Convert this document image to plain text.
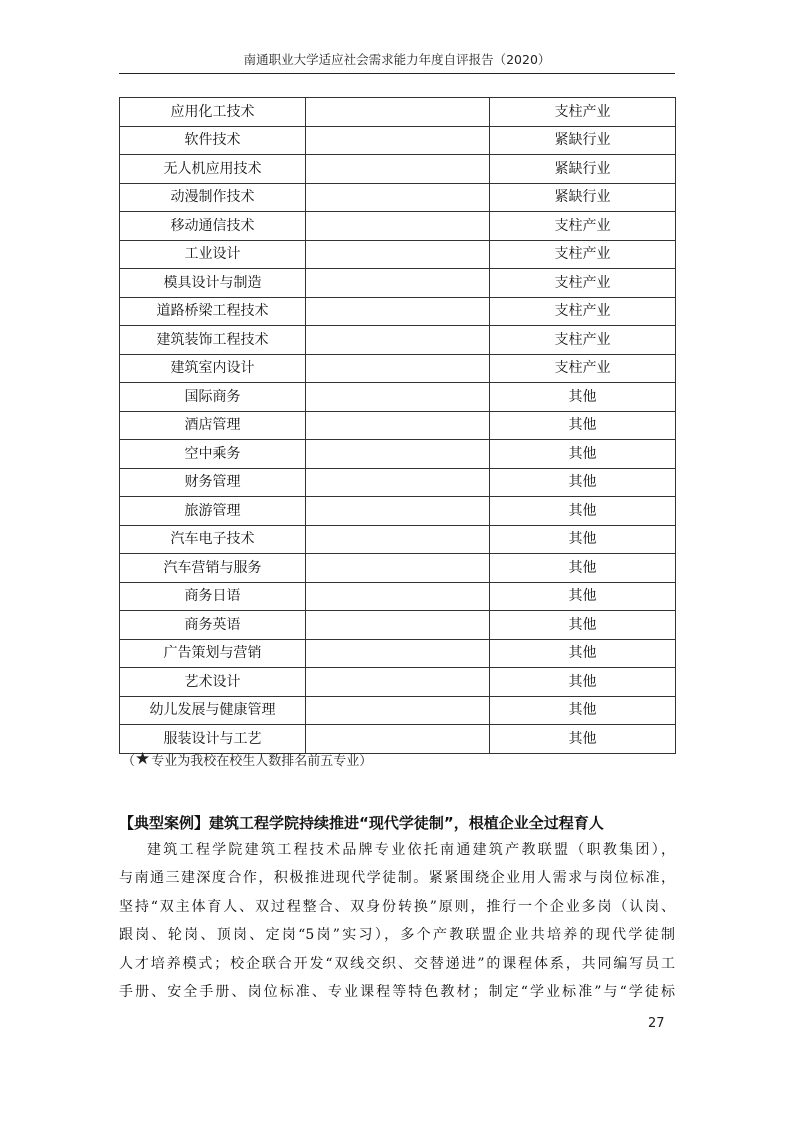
南通职业大学适应社会需求能力年度自评报告（2020）
应用化工技术		支柱产业
软件技术		紧缺行业
无人机应用技术		紧缺行业
动漫制作技术		紧缺行业
移动通信技术		支柱产业
工业设计		支柱产业
模具设计与制造		支柱产业
道路桥梁工程技术		支柱产业
建筑装饰工程技术		支柱产业
建筑室内设计		支柱产业
国际商务		其他
酒店管理		其他
空中乘务		其他
财务管理		其他
旅游管理		其他
汽车电子技术		其他
汽车营销与服务		其他
商务日语		其他
商务英语		其他
广告策划与营销		其他
艺术设计		其他
幼儿发展与健康管理		其他
服装设计与工艺		其他
（ ★ 专业为我校在校生人数排名前五专业）
【典型案例】建筑工程学院持续推进“现代学徒制”，根植企业全过程育人

建筑工程学院建筑工程技术品牌专业依托南通建筑产教联盟（职教集团），
与南通三建深度合作，积极推进现代学徒制。紧紧围绕企业用人需求与岗位标准，
坚持“双主体育人、双过程整合、双身份转换”原则，推行一个企业多岗（认岗、
跟岗、轮岗、顶岗、定岗“5岗”实习），多个产教联盟企业共培养的现代学徒制
人才培养模式；校企联合开发“双线交织、交替递进”的课程体系，共同编写员工
手册、安全手册、岗位标准、专业课程等特色教材；制定“学业标准”与“学徒标

27
